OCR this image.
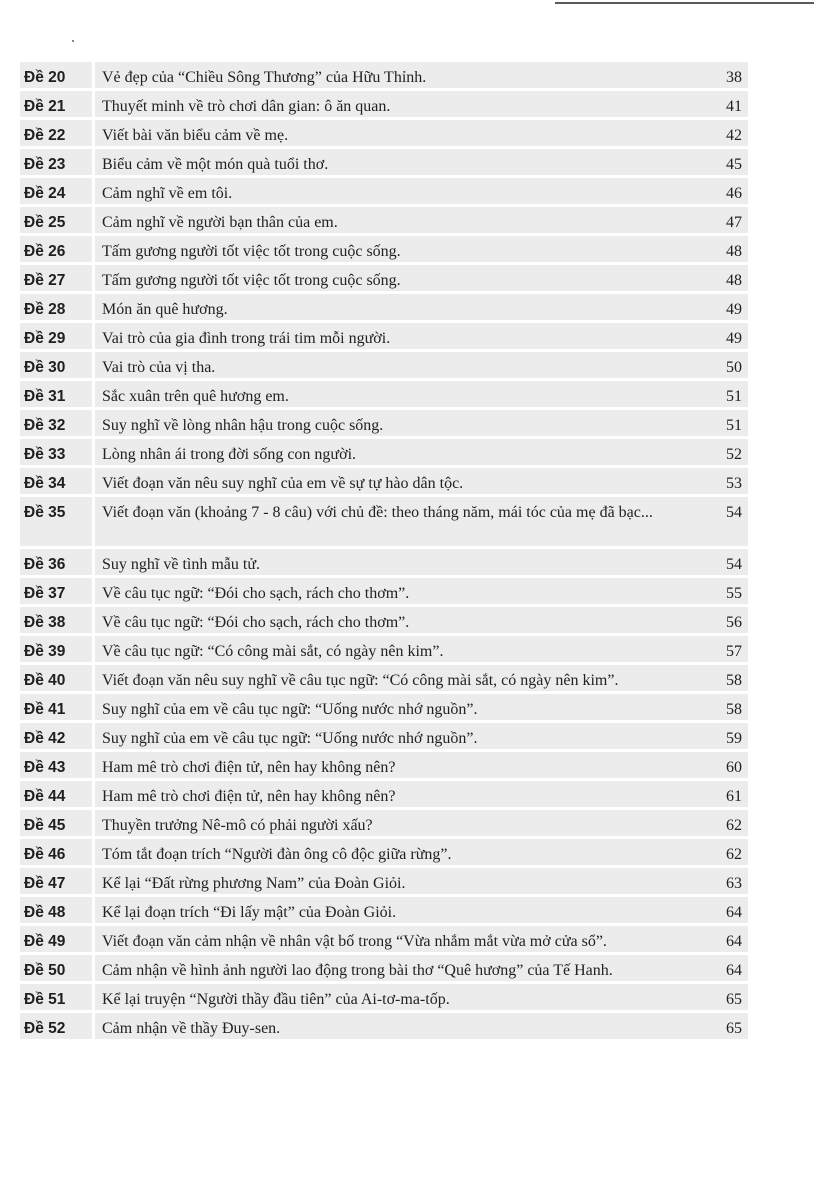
Đề 20	Vẻ đẹp của “Chiều Sông Thương” của Hữu Thỉnh.	38
Đề 21	Thuyết minh về trò chơi dân gian: ô ăn quan.	41
Đề 22	Viết bài văn biểu cảm về mẹ.	42
Đề 23	Biểu cảm về một món quà tuổi thơ.	45
Đề 24	Cảm nghĩ về em tôi.	46
Đề 25	Cảm nghĩ về người bạn thân của em.	47
Đề 26	Tấm gương người tốt việc tốt trong cuộc sống.	48
Đề 27	Tấm gương người tốt việc tốt trong cuộc sống.	48
Đề 28	Món ăn quê hương.	49
Đề 29	Vai trò của gia đình trong trái tim mỗi người.	49
Đề 30	Vai trò của vị tha.	50
Đề 31	Sắc xuân trên quê hương em.	51
Đề 32	Suy nghĩ về lòng nhân hậu trong cuộc sống.	51
Đề 33	Lòng nhân ái trong đời sống con người.	52
Đề 34	Viết đoạn văn nêu suy nghĩ của em về sự tự hào dân tộc.	53
Đề 35	Viết đoạn văn (khoảng 7 - 8 câu) với chủ đề: theo tháng năm, mái tóc của mẹ đã bạc...	54
Đề 36	Suy nghĩ về tình mẫu tử.	54
Đề 37	Về câu tục ngữ: “Đói cho sạch, rách cho thơm”.	55
Đề 38	Về câu tục ngữ: “Đói cho sạch, rách cho thơm”.	56
Đề 39	Về câu tục ngữ: “Có công mài sắt, có ngày nên kim”.	57
Đề 40	Viết đoạn văn nêu suy nghĩ về câu tục ngữ: “Có công mài sắt, có ngày nên kim”.	58
Đề 41	Suy nghĩ của em về câu tục ngữ: “Uống nước nhớ nguồn”.	58
Đề 42	Suy nghĩ của em về câu tục ngữ: “Uống nước nhớ nguồn”.	59
Đề 43	Ham mê trò chơi điện tử, nên hay không nên?	60
Đề 44	Ham mê trò chơi điện tử, nên hay không nên?	61
Đề 45	Thuyền trưởng Nê-mô có phải người xấu?	62
Đề 46	Tóm tắt đoạn trích “Người đàn ông cô độc giữa rừng”.	62
Đề 47	Kể lại “Đất rừng phương Nam” của Đoàn Giỏi.	63
Đề 48	Kể lại đoạn trích “Đi lấy mật” của Đoàn Giỏi.	64
Đề 49	Viết đoạn văn cảm nhận về nhân vật bố trong “Vừa nhắm mắt vừa mở cửa sổ”.	64
Đề 50	Cảm nhận về hình ảnh người lao động trong bài thơ “Quê hương” của Tế Hanh.	64
Đề 51	Kể lại truyện “Người thầy đầu tiên” của Ai-tơ-ma-tốp.	65
Đề 52	Cảm nhận về thầy Đuy-sen.	65
